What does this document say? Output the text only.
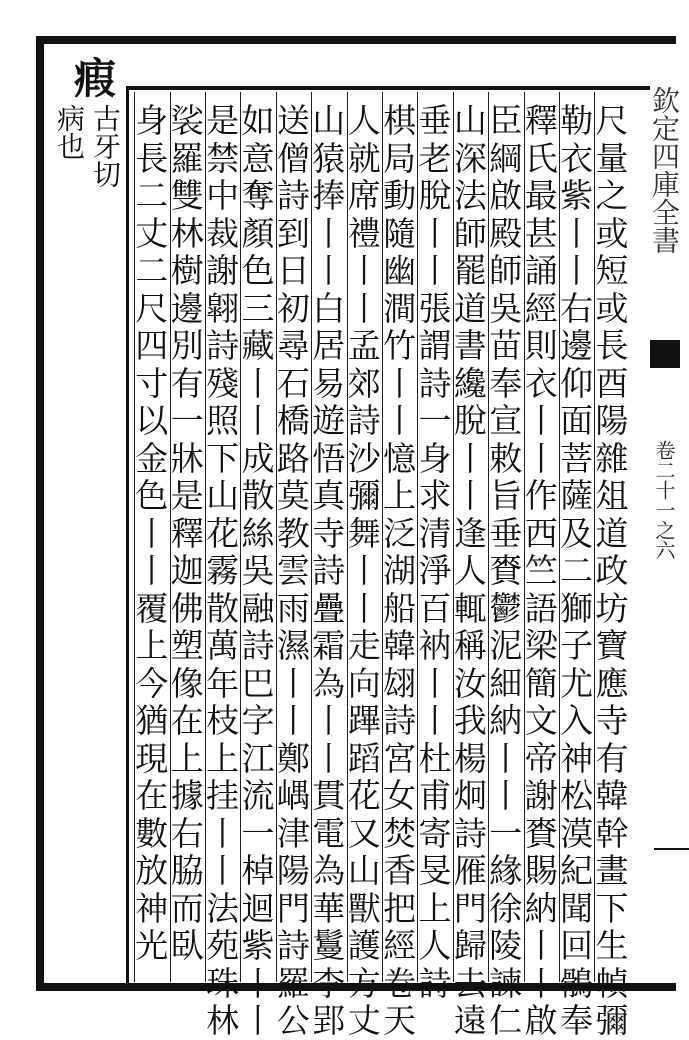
瘕
古牙切
病也	欽定四庫全書
卷二十一之六
尺
量
之
或
短
或
長
酉
陽
雜
俎
道
政
坊
寶
應
寺
有
韓
幹
畫
下
生
幀
彌
勒
衣
紫
丨
丨
右
邊
仰
面
菩
薩
及
二
獅
子
尤
入
神
松
漠
紀
聞
回
鶻
奉
釋
氏
最
甚
誦
經
則
衣
丨
丨
作
西
竺
語
梁
簡
文
帝
謝
賚
賜
納
丨
丨
啟
臣
綱
啟
殿
師
吳
苗
奉
宣
敕
旨
垂
賚
鬱
泥
細
納
丨
丨
一
緣
徐
陵
諫
仁
山
深
法
師
罷
道
書
纔
脫
丨
丨
逢
人
輒
稱
汝
我
楊
炯
詩
雁
門
歸
去
遠
垂
老
脫
丨
丨
張
謂
詩
一
身
求
清
淨
百
衲
丨
丨
杜
甫
寄
旻
上
人
詩
棋
局
動
隨
幽
澗
竹
丨
丨
憶
上
泛
湖
船
韓
翃
詩
宮
女
焚
香
把
經
卷
天
人
就
席
禮
丨
丨
孟
郊
詩
沙
彌
舞
丨
丨
走
向
蹕
蹈
花
又
山
獸
護
方
丈
山
猿
捧
丨
丨
白
居
易
遊
悟
真
寺
詩
疊
霜
為
丨
丨
貫
電
為
華
鬘
李
郢
送
僧
詩
到
日
初
尋
石
橋
路
莫
教
雲
雨
濕
丨
丨
鄭
嵎
津
陽
門
詩
羅
公
如
意
奪
顏
色
三
藏
丨
丨
成
散
絲
吳
融
詩
巴
字
江
流
一
棹
迴
紫
丨
丨
是
禁
中
裁
謝
翶
詩
殘
照
下
山
花
霧
散
萬
年
枝
上
挂
丨
丨
法
苑
珠
林
裟
羅
雙
林
樹
邊
別
有
一
牀
是
釋
迦
佛
塑
像
在
上
據
右
脇
而
臥
身
長
二
丈
二
尺
四
寸
以
金
色
丨
丨
覆
上
今
猶
現
在
數
放
神
光
